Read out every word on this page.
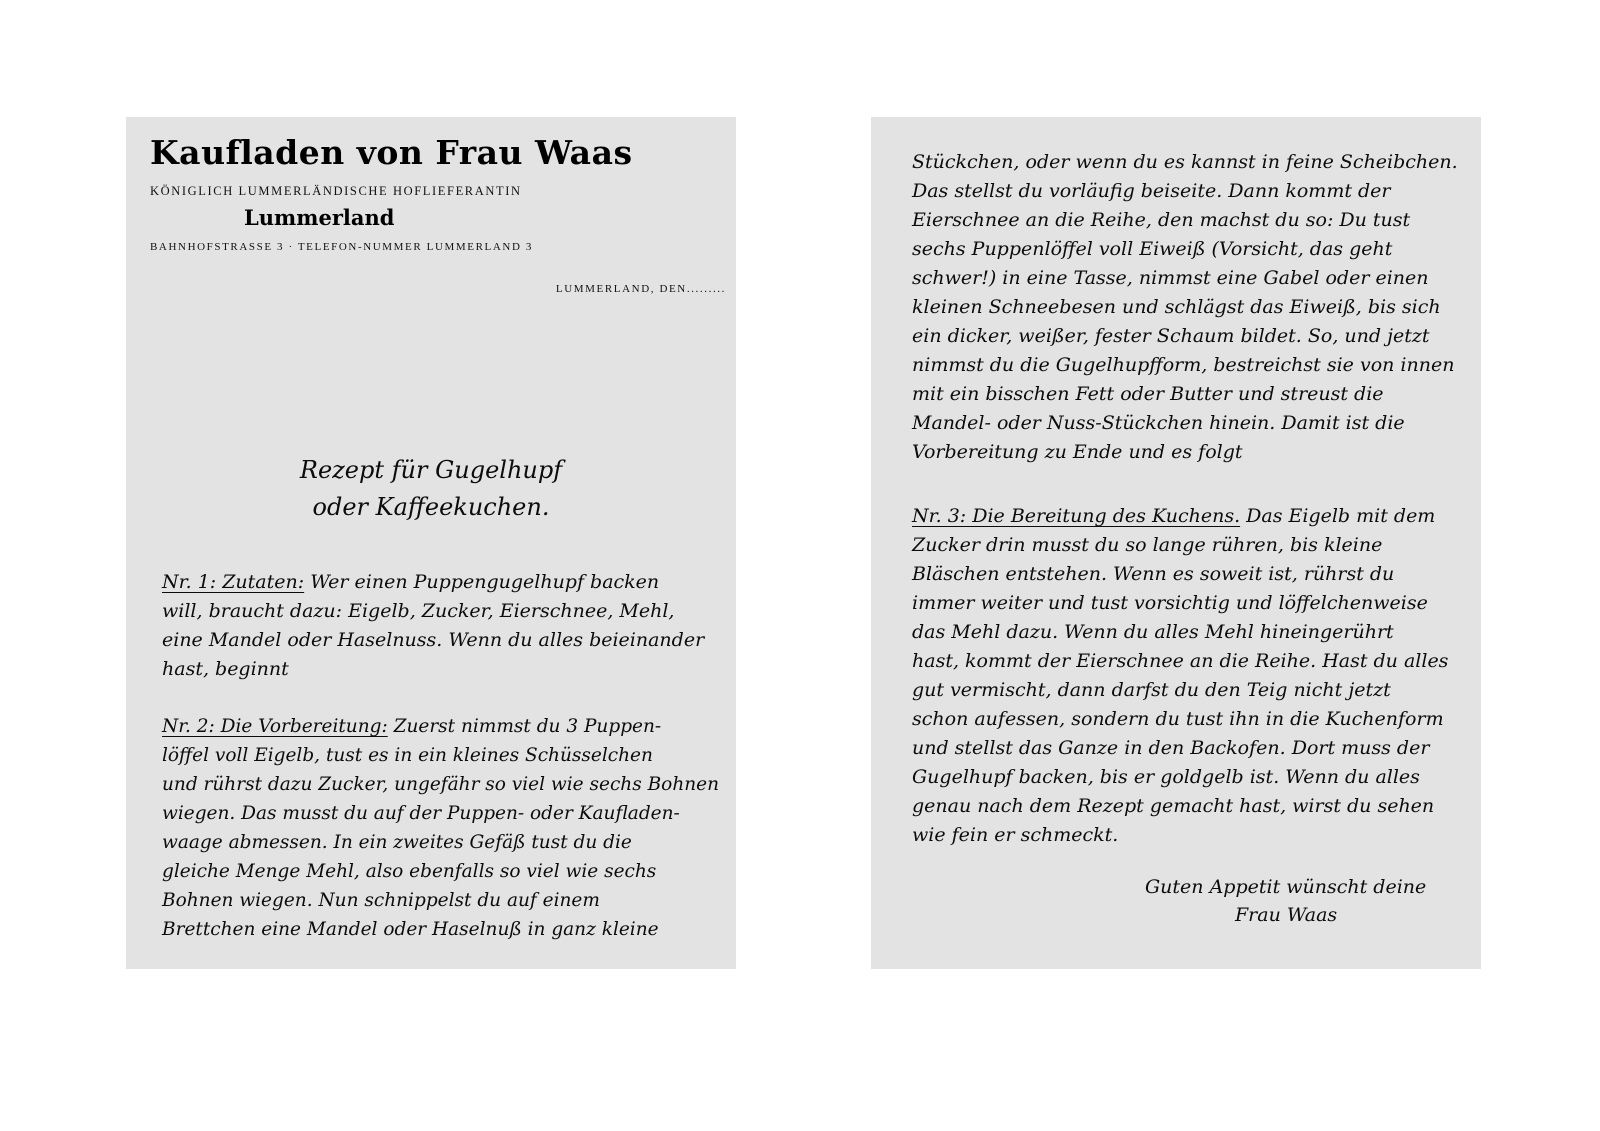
Kaufladen von Frau Waas
KÖNIGLICH LUMMERLÄNDISCHE HOFLIEFERANTIN
Lummerland
BAHNHOFSTRASSE 3 · TELEFON-NUMMER LUMMERLAND 3
LUMMERLAND, DEN.........
Rezept für Gugelhupf
oder Kaffeekuchen.
Nr. 1: Zutaten: Wer einen Puppengugelhupf backen
will, braucht dazu: Eigelb, Zucker, Eierschnee, Mehl,
eine Mandel oder Haselnuss. Wenn du alles beieinander
hast, beginnt
Nr. 2: Die Vorbereitung: Zuerst nimmst du 3 Puppen-
löffel voll Eigelb, tust es in ein kleines Schüsselchen
und rührst dazu Zucker, ungefähr so viel wie sechs Bohnen
wiegen. Das musst du auf der Puppen- oder Kaufladen-
waage abmessen. In ein zweites Gefäß tust du die
gleiche Menge Mehl, also ebenfalls so viel wie sechs
Bohnen wiegen. Nun schnippelst du auf einem
Brettchen eine Mandel oder Haselnuß in ganz kleine
Stückchen, oder wenn du es kannst in feine Scheibchen.
Das stellst du vorläufig beiseite. Dann kommt der
Eierschnee an die Reihe, den machst du so: Du tust
sechs Puppenlöffel voll Eiweiß (Vorsicht, das geht
schwer!) in eine Tasse, nimmst eine Gabel oder einen
kleinen Schneebesen und schlägst das Eiweiß, bis sich
ein dicker, weißer, fester Schaum bildet. So, und jetzt
nimmst du die Gugelhupfform, bestreichst sie von innen
mit ein bisschen Fett oder Butter und streust die
Mandel- oder Nuss-Stückchen hinein. Damit ist die
Vorbereitung zu Ende und es folgt
Nr. 3: Die Bereitung des Kuchens. Das Eigelb mit dem
Zucker drin musst du so lange rühren, bis kleine
Bläschen entstehen. Wenn es soweit ist, rührst du
immer weiter und tust vorsichtig und löffelchenweise
das Mehl dazu. Wenn du alles Mehl hineingerührt
hast, kommt der Eierschnee an die Reihe. Hast du alles
gut vermischt, dann darfst du den Teig nicht jetzt
schon aufessen, sondern du tust ihn in die Kuchenform
und stellst das Ganze in den Backofen. Dort muss der
Gugelhupf backen, bis er goldgelb ist. Wenn du alles
genau nach dem Rezept gemacht hast, wirst du sehen
wie fein er schmeckt.
Guten Appetit wünscht deine
Frau Waas
